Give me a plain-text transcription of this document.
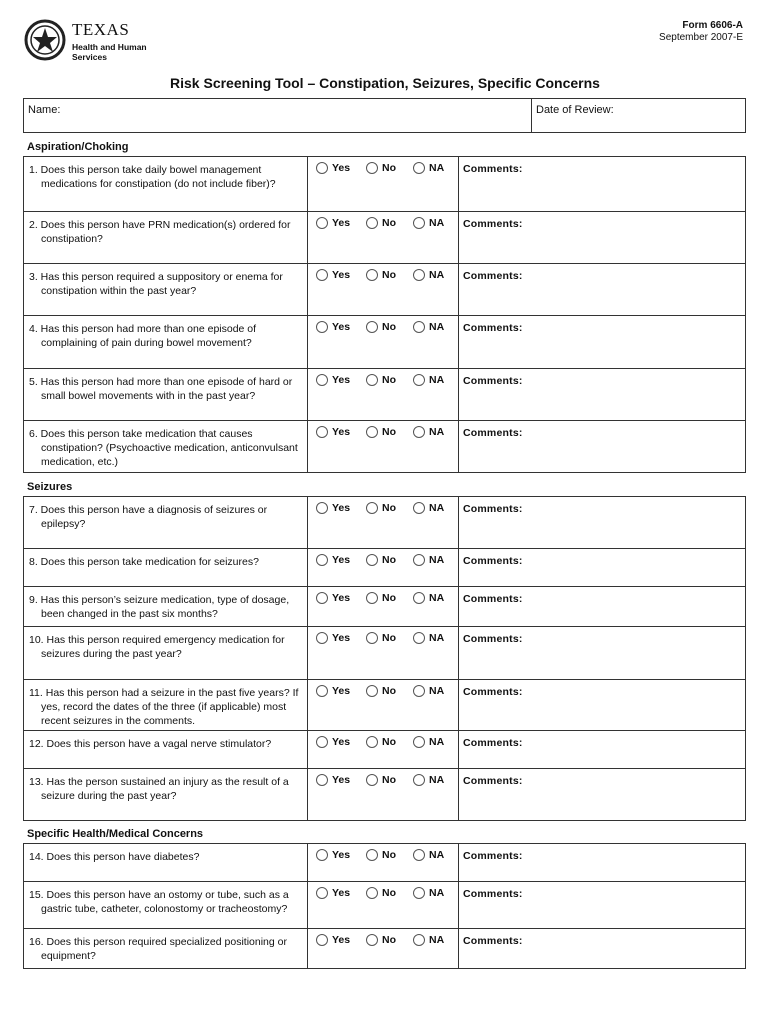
TEXAS
Health and Human
Services
Form 6606-A
September 2007-E
Risk Screening Tool – Constipation, Seizures, Specific Concerns
Name:	Date of Review:
Aspiration/Choking
1. Does this person take daily bowel management medications for constipation (do not include fiber)?
Yes	No	NA Comments:
2. Does this person have PRN medication(s) ordered for constipation?
Yes	No	NA Comments:
3. Has this person required a suppository or enema for constipation within the past year?
Yes	No	NA Comments:
4. Has this person had more than one episode of complaining of pain during bowel movement?
Yes	No	NA Comments:
5. Has this person had more than one episode of hard or small bowel movements with in the past year?
Yes	No	NA Comments:
6. Does this person take medication that causes constipation? (Psychoactive medication, anticonvulsant medication, etc.)
Yes	No	NA Comments:
Seizures
7. Does this person have a diagnosis of seizures or epilepsy?
Yes	No	NA Comments:
8. Does this person take medication for seizures?	Yes	No	NA Comments:
9. Has this person’s seizure medication, type of dosage, been changed in the past six months?
Yes	No	NA Comments:
10. Has this person required emergency medication for seizures during the past year?
Yes	No	NA Comments:
11. Has this person had a seizure in the past five years? If yes, record the dates of the three (if applicable) most recent seizures in the comments.
Yes	No	NA Comments:
12. Does this person have a vagal nerve stimulator?	Yes	No	NA Comments:
13. Has the person sustained an injury as the result of a seizure during the past year?
Yes	No	NA Comments:
Specific Health/Medical Concerns
14. Does this person have diabetes?	Yes	No	NA Comments:
15. Does this person have an ostomy or tube, such as a gastric tube, catheter, colonostomy or tracheostomy?
Yes	No	NA Comments:
16. Does this person required specialized positioning or equipment?
Yes	No	NA Comments:
